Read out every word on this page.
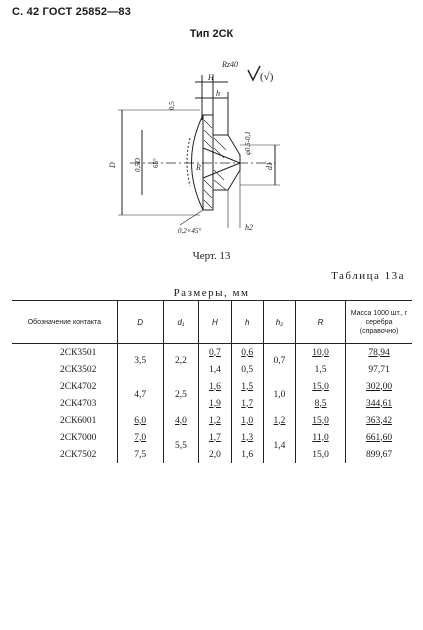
С. 42 ГОСТ 25852—83
Тип 2СК
Rz40
(√)
H
h
0,5
D 0,5D 65°	R	d1
φ0,5-0,1
0,2×45°	h2
Черт. 13
Таблица 13а
Размеры, мм
Обозначение контакта	D	d₁	H	h	h₂	R	Масса 1000 шт., г серебра (справочно)
2СК3501	3,5	2,2	0,7	0,6	0,7	10,0	78,94
2СК3502			1,4	0,5		1,5	97,71
2СК4702	4,7	2,5	1,6	1,5	1,0	15,0	302,00
2СК4703			1,9	1,7		8,5	344,61
2СК6001	6,0	4,0	1,2	1,0	1,2	15,0	363,42
2СК7000	7,0	5,5	1,7	1,3	1,4	11,0	661,60
2СК7502	7,5		2,0	1,6		15,0	899,67
